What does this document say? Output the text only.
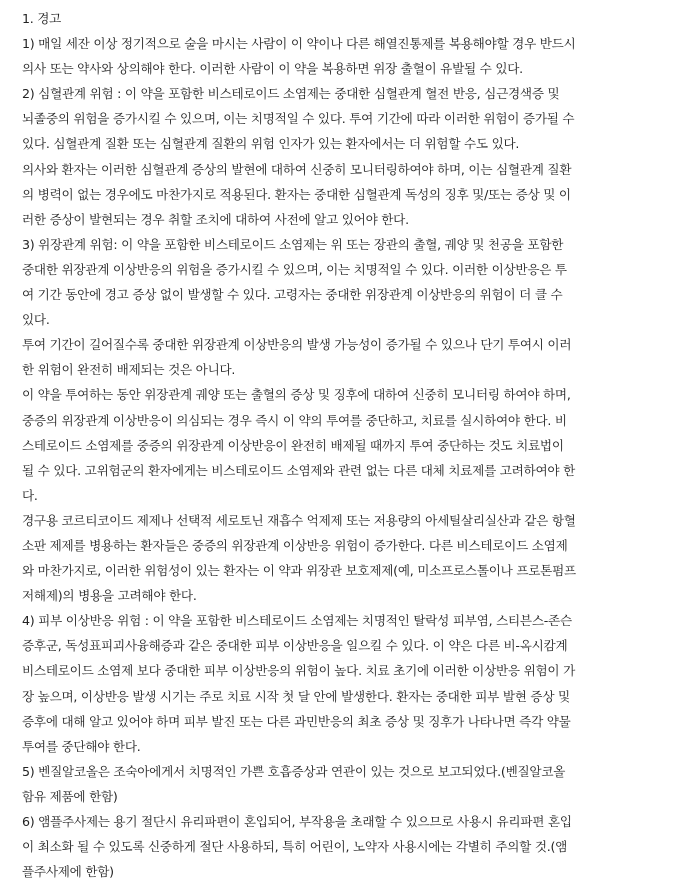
1. 경고
1) 매일 세잔 이상 정기적으로 술을 마시는 사람이 이 약이나 다른 해열진통제를 복용해야할 경우 반드시
의사 또는 약사와 상의해야 한다. 이러한 사람이 이 약을 복용하면 위장 출혈이 유발될 수 있다.
2) 심혈관계 위험 : 이 약을 포함한 비스테로이드 소염제는 중대한 심혈관계 혈전 반응, 심근경색증 및
뇌졸중의 위험을 증가시킬 수 있으며, 이는 치명적일 수 있다. 투여 기간에 따라 이러한 위험이 증가될 수
있다. 심혈관계 질환 또는 심혈관계 질환의 위험 인자가 있는 환자에서는 더 위험할 수도 있다.
의사와 환자는 이러한 심혈관계 증상의 발현에 대하여 신중히 모니터링하여야 하며, 이는 심혈관계 질환
의 병력이 없는 경우에도 마찬가지로 적용된다. 환자는 중대한 심혈관계 독성의 징후 및/또는 증상 및 이
러한 증상이 발현되는 경우 취할 조치에 대하여 사전에 알고 있어야 한다.
3) 위장관계 위험: 이 약을 포함한 비스테로이드 소염제는 위 또는 장관의 출혈, 궤양 및 천공을 포함한
중대한 위장관계 이상반응의 위험을 증가시킬 수 있으며, 이는 치명적일 수 있다. 이러한 이상반응은 투
여 기간 동안에 경고 증상 없이 발생할 수 있다. 고령자는 중대한 위장관계 이상반응의 위험이 더 클 수
있다.
투여 기간이 길어질수록 중대한 위장관계 이상반응의 발생 가능성이 증가될 수 있으나 단기 투여시 이러
한 위험이 완전히 배제되는 것은 아니다.
이 약을 투여하는 동안 위장관계 궤양 또는 출혈의 증상 및 징후에 대하여 신중히 모니터링 하여야 하며,
중증의 위장관계 이상반응이 의심되는 경우 즉시 이 약의 투여를 중단하고, 치료를 실시하여야 한다. 비
스테로이드 소염제를 중증의 위장관계 이상반응이 완전히 배제될 때까지 투여 중단하는 것도 치료법이
될 수 있다. 고위험군의 환자에게는 비스테로이드 소염제와 관련 없는 다른 대체 치료제를 고려하여야 한
다.
경구용 코르티코이드 제제나 선택적 세로토닌 재흡수 억제제 또는 저용량의 아세틸살리실산과 같은 항혈
소판 제제를 병용하는 환자들은 중증의 위장관계 이상반응 위험이 증가한다. 다른 비스테로이드 소염제
와 마찬가지로, 이러한 위험성이 있는 환자는 이 약과 위장관 보호제제(예, 미소프로스톨이나 프로톤펌프
저해제)의 병용을 고려해야 한다.
4) 피부 이상반응 위험 : 이 약을 포함한 비스테로이드 소염제는 치명적인 탈락성 피부염, 스티븐스-존슨
증후군, 독성표피괴사융해증과 같은 중대한 피부 이상반응을 일으킬 수 있다. 이 약은 다른 비-옥시캄계
비스테로이드 소염제 보다 중대한 피부 이상반응의 위험이 높다. 치료 초기에 이러한 이상반응 위험이 가
장 높으며, 이상반응 발생 시기는 주로 치료 시작 첫 달 안에 발생한다. 환자는 중대한 피부 발현 증상 및
증후에 대해 알고 있어야 하며 피부 발진 또는 다른 과민반응의 최초 증상 및 징후가 나타나면 즉각 약물
투여를 중단해야 한다.
5) 벤질알코올은 조숙아에게서 치명적인 가쁜 호흡증상과 연관이 있는 것으로 보고되었다.(벤질알코올
함유 제품에 한함)
6) 앰플주사제는 용기 절단시 유리파편이 혼입되어, 부작용을 초래할 수 있으므로 사용시 유리파편 혼입
이 최소화 될 수 있도록 신중하게 절단 사용하되, 특히 어린이, 노약자 사용시에는 각별히 주의할 것.(앰
플주사제에 한함)
